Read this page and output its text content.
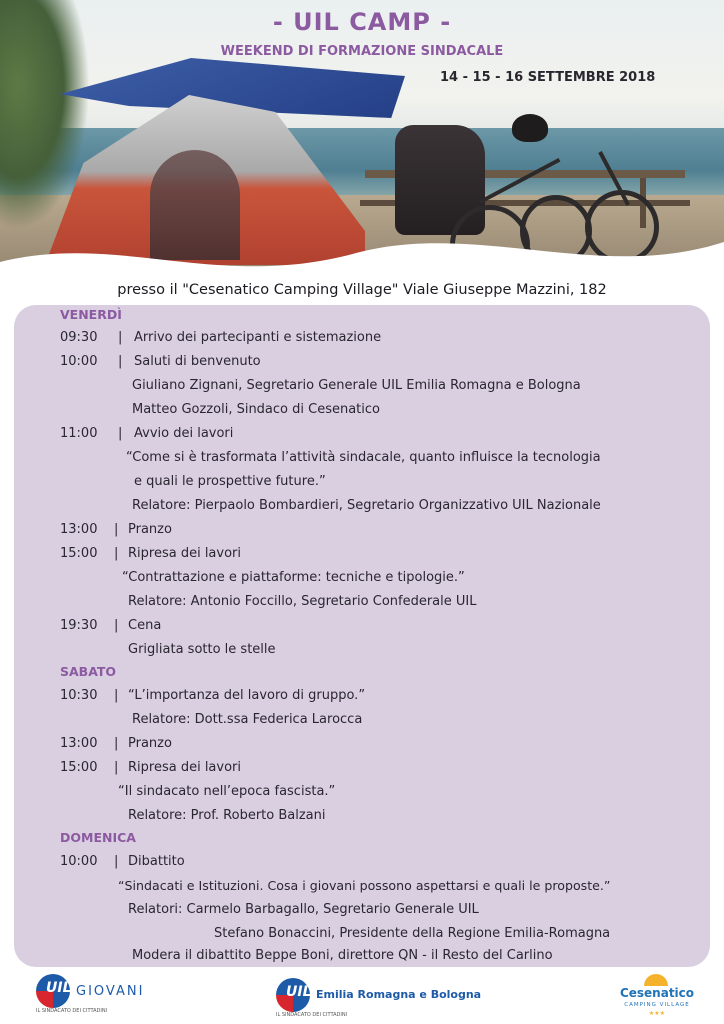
- UIL CAMP -
WEEKEND DI FORMAZIONE SINDACALE
14 - 15 - 16 SETTEMBRE 2018
presso il "Cesenatico Camping Village" Viale Giuseppe Mazzini, 182
VENERDÌ
09:30 | Arrivo dei partecipanti e sistemazione
10:00 | Saluti di benvenuto
Giuliano Zignani, Segretario Generale UIL Emilia Romagna e Bologna
Matteo Gozzoli, Sindaco di Cesenatico
11:00 | Avvio dei lavori
“Come si è trasformata l’attività sindacale, quanto influisce la tecnologia
e quali le prospettive future.”
Relatore: Pierpaolo Bombardieri, Segretario Organizzativo UIL Nazionale
13:00 | Pranzo
15:00 | Ripresa dei lavori
“Contrattazione e piattaforme: tecniche e tipologie.”
Relatore: Antonio Foccillo, Segretario Confederale UIL
19:30 | Cena
Grigliata sotto le stelle
SABATO
10:30 | “L’importanza del lavoro di gruppo.”
Relatore: Dott.ssa Federica Larocca
13:00 | Pranzo
15:00 | Ripresa dei lavori
“Il sindacato nell’epoca fascista.”
Relatore: Prof. Roberto Balzani
DOMENICA
10:00 | Dibattito
“Sindacati e Istituzioni. Cosa i giovani possono aspettarsi e quali le proposte.”
Relatori: Carmelo Barbagallo, Segretario Generale UIL
Stefano Bonaccini, Presidente della Regione Emilia-Romagna
Modera il dibattito Beppe Boni, direttore QN - il Resto del Carlino
UIL GIOVANI
IL SINDACATO DEI CITTADINI
UIL Emilia Romagna e Bologna
IL SINDACATO DEI CITTADINI
Cesenatico
CAMPING VILLAGE
★★★
